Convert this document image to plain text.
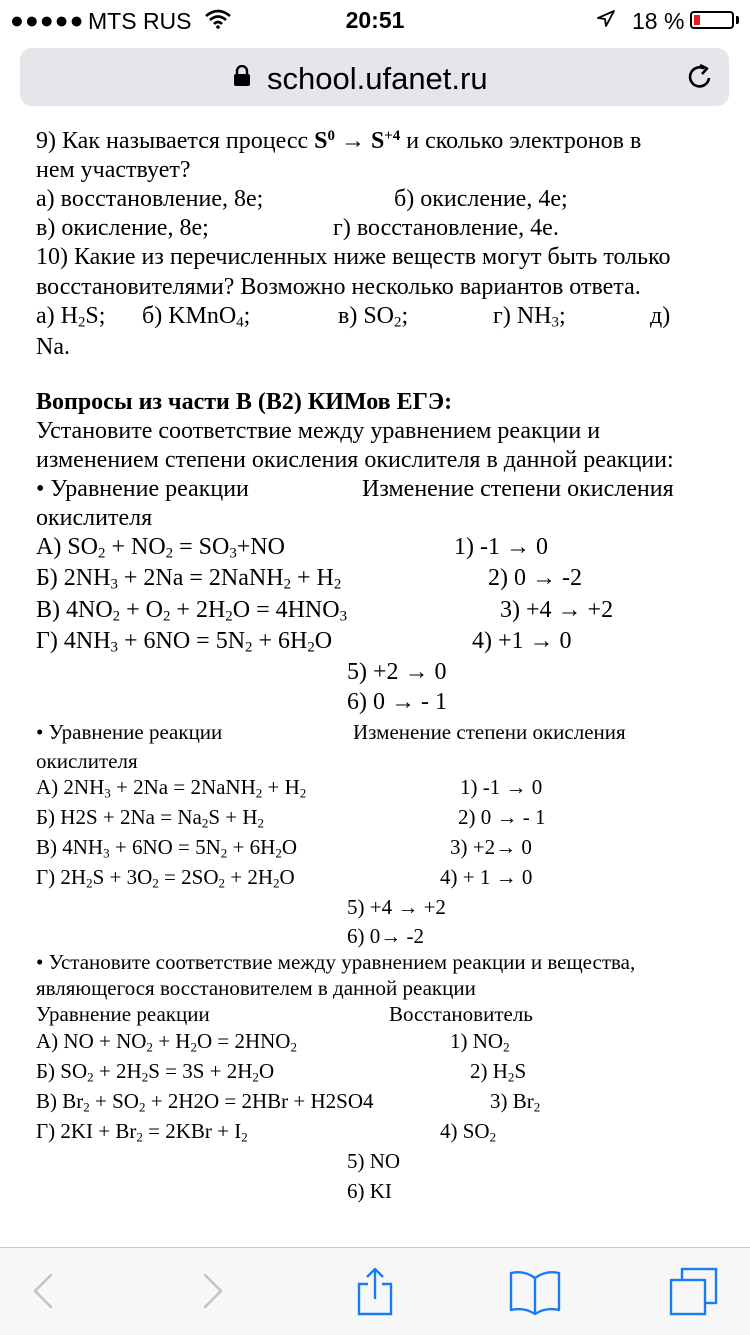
●●●●● MTS RUS	20:51	18 %
school.ufanet.ru
9) Как называется процесс $S^0 \to S^{+4}$ и сколько электронов в
нем участвует?
а) восстановление, 8е;	б) окисление, 4е;
в) окисление, 8е;	г) восстановление, 4е.
10) Какие из перечисленных ниже веществ могут быть только
восстановителями? Возможно несколько вариантов ответа.
а) $H_2S$; б) KMnO$_4$;	в) $SO_2$;	г) $NH_3$;	д)
Na.
Вопросы из части В (В2) КИМов ЕГЭ:
Установите соответствие между уравнением реакции и
изменением степени окисления окислителя в данной реакции:
• Уравнение реакции	Изменение степени окисления
окислителя
А) $SO_2 + NO_2 = SO_3+NO$	1) -1 → 0
Б) $2NH_3 + 2Na$ = 2NaNH$_2$ + $H_2$	2) 0 → -2
В) $4NO_2 + O_2 + 2H_2O = 4HNO_3$	3) +4 → +2
Г) $4NH_3 + 6NO = 5N_2 + 6H_2O$	4) +1 → 0
5) +2 → 0
6) 0 → - 1
• Уравнение реакции	Изменение степени окисления
окислителя
А) $2NH_3 + 2Na$ = 2NaNH$_2$ + $H_2$	1) -1 → 0
Б) $H2S + 2Na = Na_2S + H_2$	2) 0 → - 1
В) $4NH_3 + 6NO = 5N_2 + 6H_2O$	3) +2→ 0
Г) $2H_2S + 3O_2 = 2SO_2 + 2H_2O$	4) + 1 → 0
5) +4 → +2
6) 0→ -2
• Установите соответствие между уравнением реакции и вещества,
являющегося восстановителем в данной реакции
Уравнение реакции	Восстановитель
А) NO + $NO_2 + H_2O = 2HNO_2$	1) $NO_2$
Б) $SO_2 + 2H_2S = 3S + 2H_2O$	2) $H_2S$
В) $Br_2 + SO_2 + 2H2O = 2HBr + H2SO4$	3) $Br_2$
Г) $2KI + Br_2 = 2KBr + I_2$	4) $SO_2$
5) NO
6) KI
